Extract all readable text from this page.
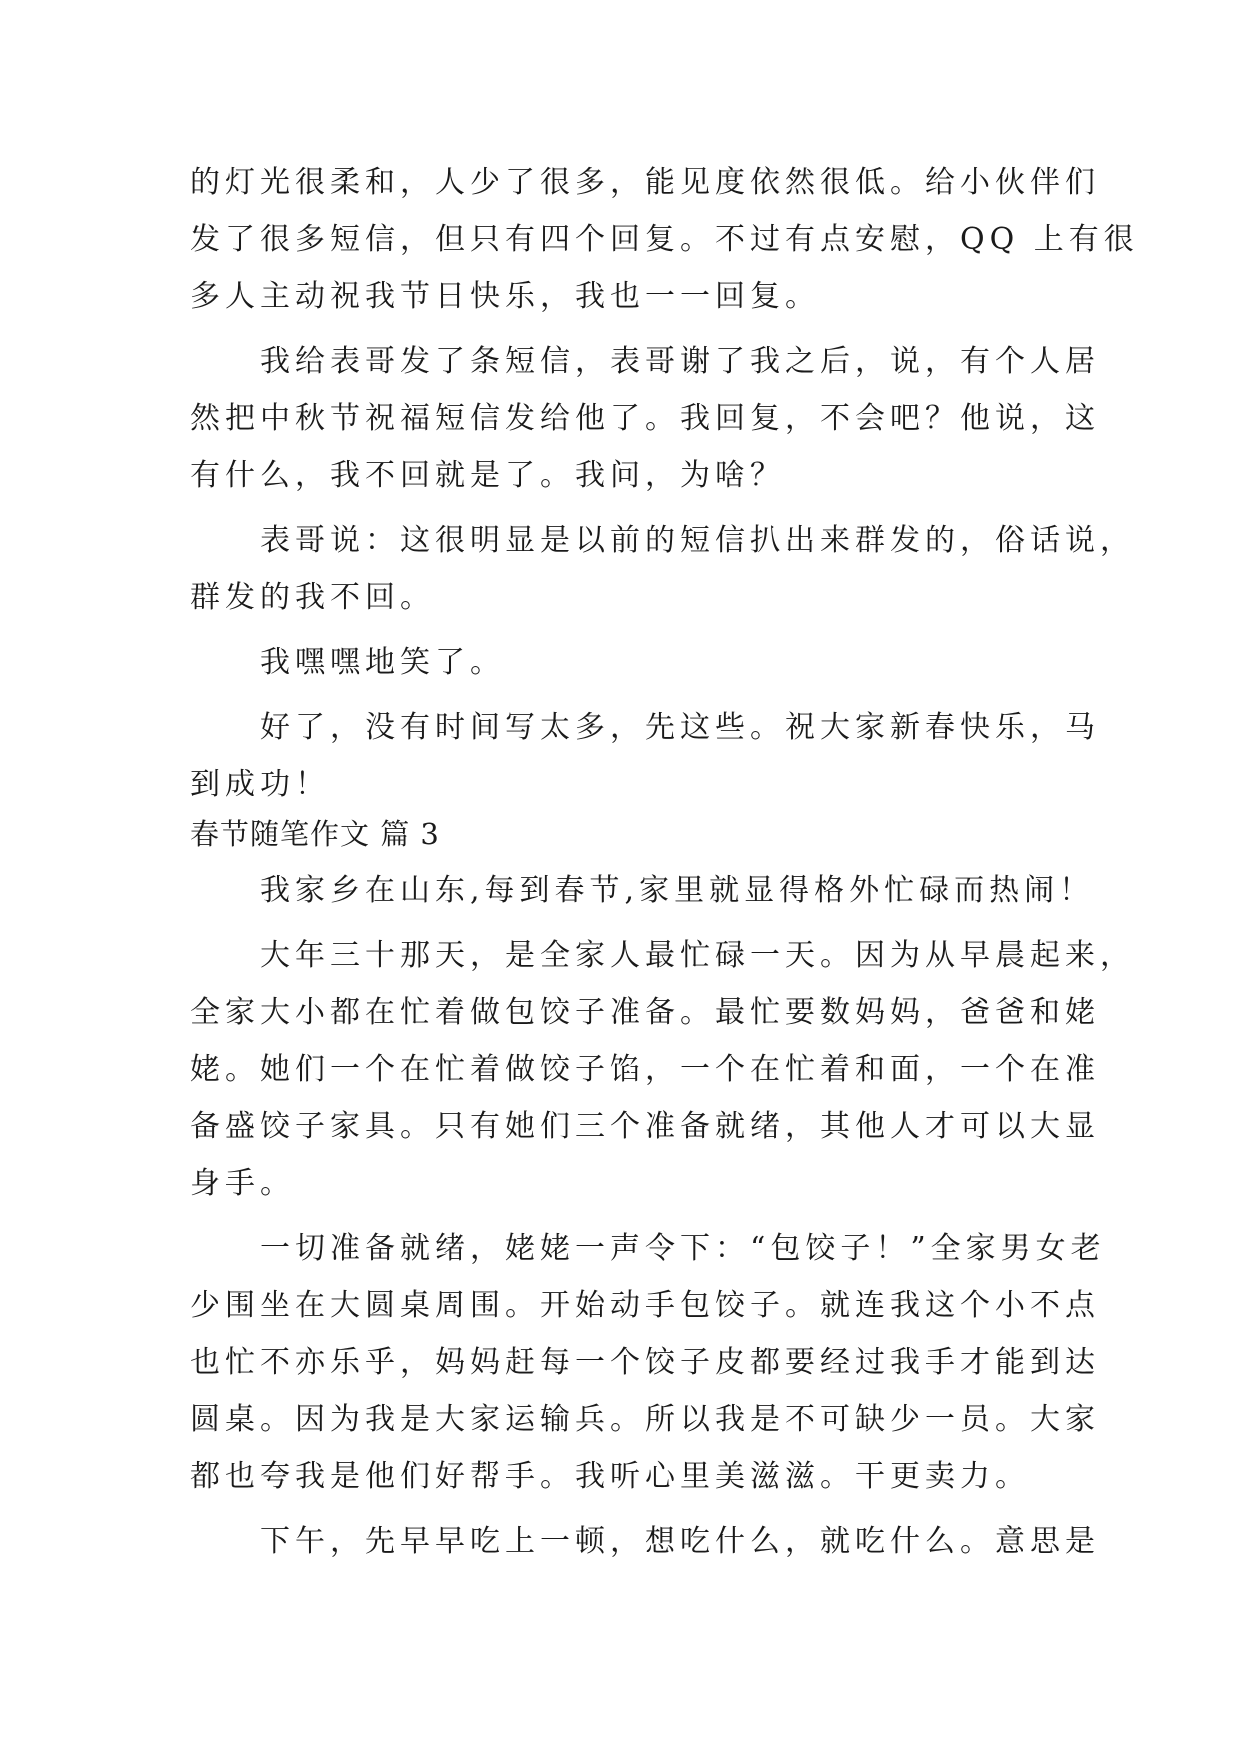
的灯光很柔和，人少了很多，能见度依然很低。给小伙伴们
发了很多短信，但只有四个回复。不过有点安慰，QQ 上有很
多人主动祝我节日快乐，我也一一回复。
　　我给表哥发了条短信，表哥谢了我之后，说，有个人居
然把中秋节祝福短信发给他了。我回复，不会吧？他说，这
有什么，我不回就是了。我问，为啥？
　　表哥说：这很明显是以前的短信扒出来群发的，俗话说，
群发的我不回。
　　我嘿嘿地笑了。
　　好了，没有时间写太多，先这些。祝大家新春快乐，马
到成功！
春节随笔作文 篇 3
　　我家乡在山东,每到春节,家里就显得格外忙碌而热闹！
　　大年三十那天，是全家人最忙碌一天。因为从早晨起来，
全家大小都在忙着做包饺子准备。最忙要数妈妈，爸爸和姥
姥。她们一个在忙着做饺子馅，一个在忙着和面，一个在准
备盛饺子家具。只有她们三个准备就绪，其他人才可以大显
身手。
　　一切准备就绪，姥姥一声令下：“包饺子！”全家男女老
少围坐在大圆桌周围。开始动手包饺子。就连我这个小不点
也忙不亦乐乎，妈妈赶每一个饺子皮都要经过我手才能到达
圆桌。因为我是大家运输兵。所以我是不可缺少一员。大家
都也夸我是他们好帮手。我听心里美滋滋。干更卖力。
　　下午，先早早吃上一顿，想吃什么，就吃什么。意思是
